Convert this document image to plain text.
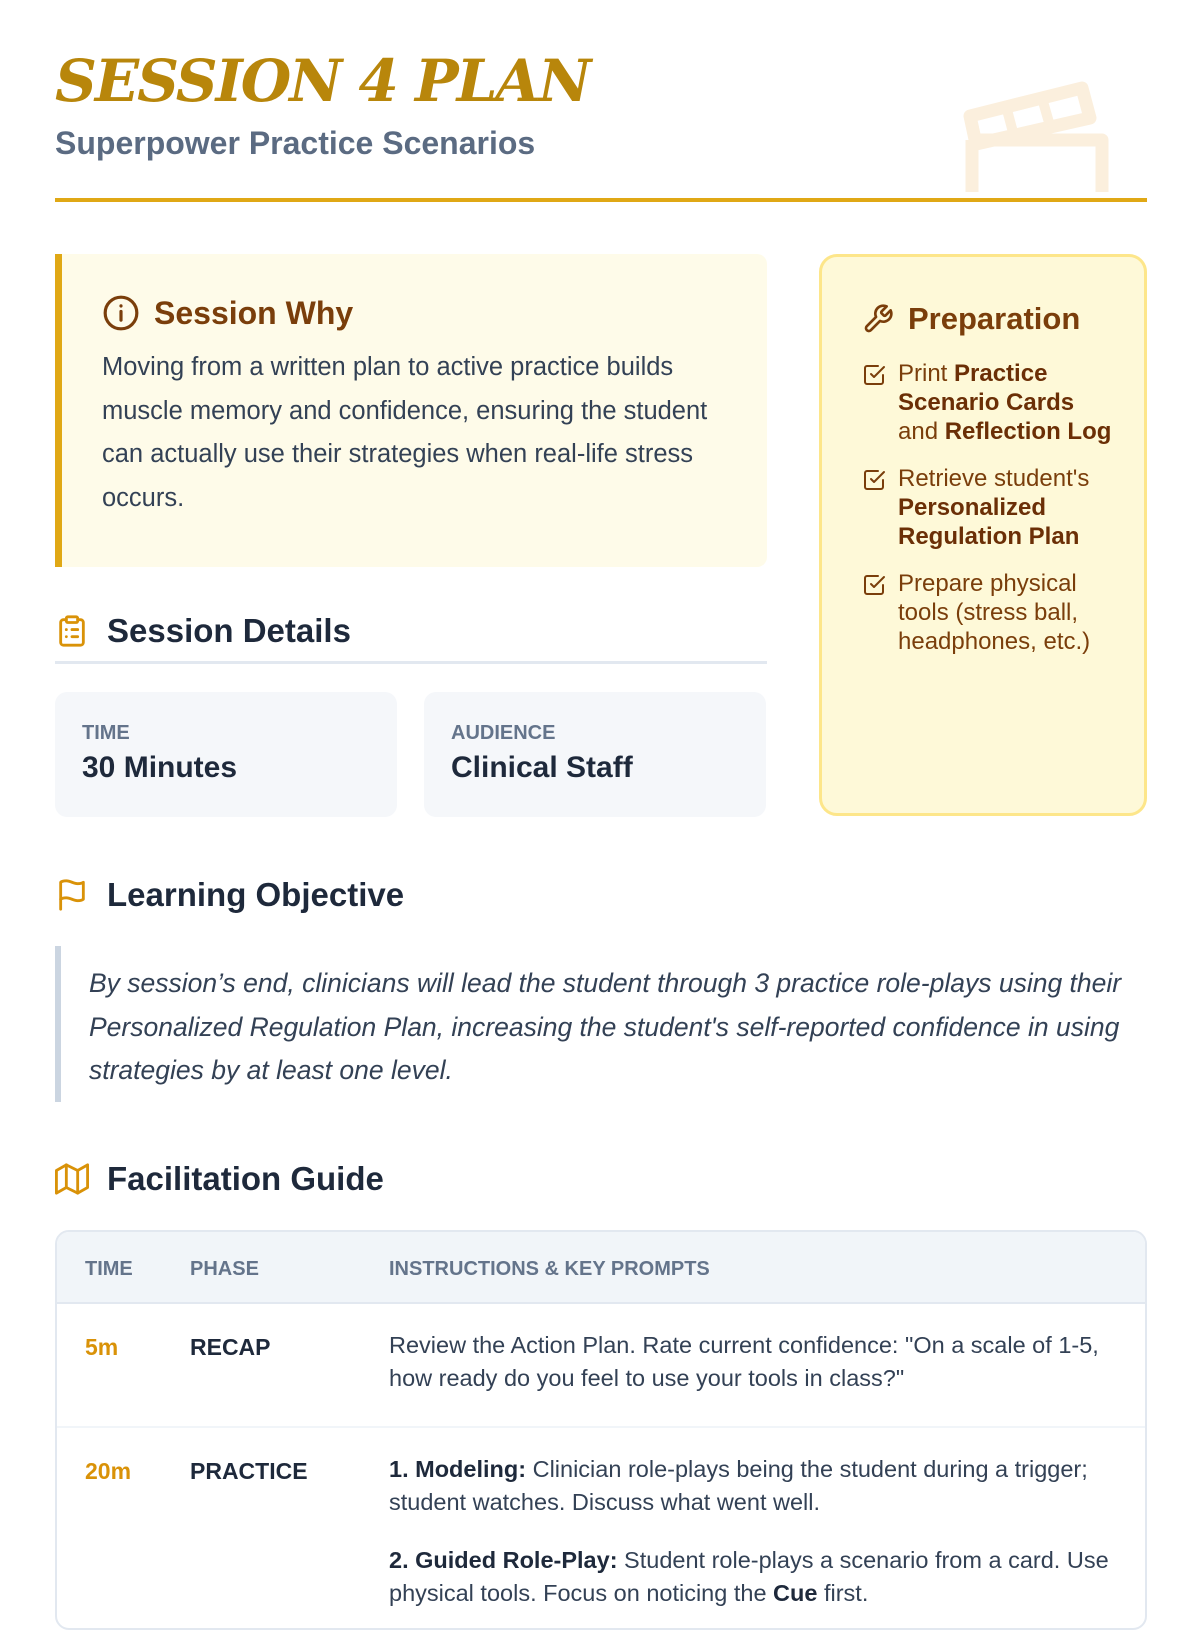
SESSION 4 PLAN

Superpower Practice Scenarios

Session Why

Moving from a written plan to active practice builds muscle memory and confidence, ensuring the student can actually use their strategies when real-life stress occurs.

Preparation
Print Practice Scenario Cards and Reflection Log
Retrieve student's Personalized Regulation Plan
Prepare physical tools (stress ball, headphones, etc.)
Session Details

TIME

30 Minutes

AUDIENCE

Clinical Staff

Learning Objective

By session’s end, clinicians will lead the student through 3 practice role-plays using their Personalized Regulation Plan, increasing the student's self-reported confidence in using strategies by at least one level.

Facilitation Guide
TIME	PHASE	INSTRUCTIONS & KEY PROMPTS
5m	RECAP	Review the Action Plan. Rate current confidence: "On a scale of 1-5, how ready do you feel to use your tools in class?"

20m	PRACTICE	1. Modeling: Clinician role-plays being the student during a trigger; student watches. Discuss what went well.

2. Guided Role-Play: Student role-plays a scenario from a card. Use physical tools. Focus on noticing the Cue first.
